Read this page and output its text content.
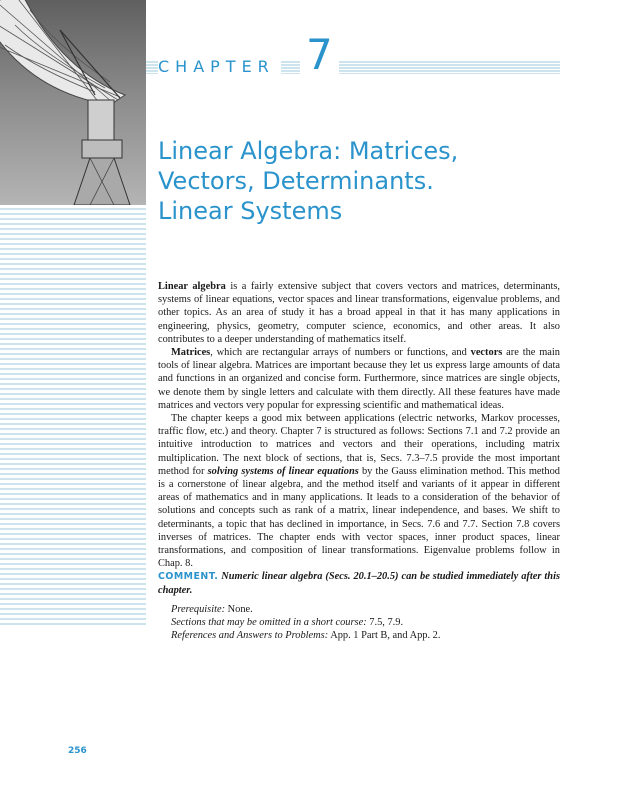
CHAPTER 7
Linear Algebra: Matrices,
Vectors, Determinants.
Linear Systems

Linear algebra is a fairly extensive subject that covers vectors and matrices, determinants, systems of linear equations, vector spaces and linear transformations, eigenvalue problems, and other topics. As an area of study it has a broad appeal in that it has many applications in engineering, physics, geometry, computer science, economics, and other areas. It also contributes to a deeper understanding of mathematics itself.

Matrices, which are rectangular arrays of numbers or functions, and vectors are the main tools of linear algebra. Matrices are important because they let us express large amounts of data and functions in an organized and concise form. Furthermore, since matrices are single objects, we denote them by single letters and calculate with them directly. All these features have made matrices and vectors very popular for expressing scientific and mathematical ideas.

The chapter keeps a good mix between applications (electric networks, Markov processes, traffic flow, etc.) and theory. Chapter 7 is structured as follows: Sections 7.1 and 7.2 provide an intuitive introduction to matrices and vectors and their operations, including matrix multiplication. The next block of sections, that is, Secs. 7.3–7.5 provide the most important method for solving systems of linear equations by the Gauss elimination method. This method is a cornerstone of linear algebra, and the method itself and variants of it appear in different areas of mathematics and in many applications. It leads to a consideration of the behavior of solutions and concepts such as rank of a matrix, linear independence, and bases. We shift to determinants, a topic that has declined in importance, in Secs. 7.6 and 7.7. Section 7.8 covers inverses of matrices. The chapter ends with vector spaces, inner product spaces, linear transformations, and composition of linear transformations. Eigenvalue problems follow in Chap. 8.

COMMENT. Numeric linear algebra (Secs. 20.1–20.5) can be studied immediately after this chapter.

Prerequisite: None.

Sections that may be omitted in a short course: 7.5, 7.9.

References and Answers to Problems: App. 1 Part B, and App. 2.

256
